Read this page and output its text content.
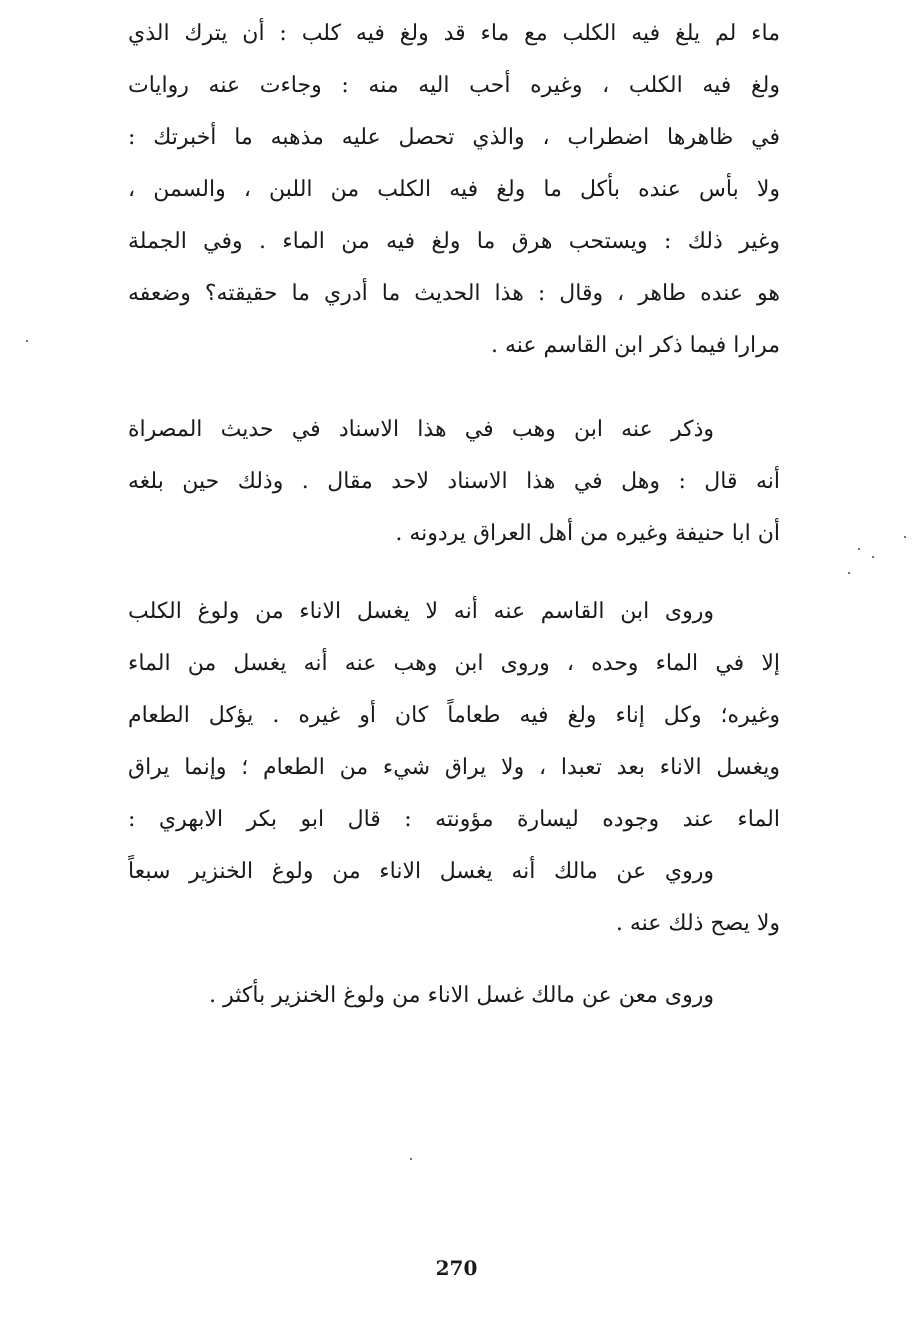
ماء لم يلغ فيه الكلب مع ماء قد ولغ فيه كلب : أن يترك الذي
ولغ فيه الكلب ، وغيره أحب اليه منه : وجاءت عنه روايات
في ظاهرها اضطراب ، والذي تحصل عليه مذهبه ما أخبرتك :
ولا بأس عنده بأكل ما ولغ فيه الكلب من اللبن ، والسمن ،
وغير ذلك : ويستحب هرق ما ولغ فيه من الماء . وفي الجملة
هو عنده طاهر ، وقال : هذا الحديث ما أدري ما حقيقته؟ وضعفه
مرارا فيما ذكر ابن القاسم عنه .
وذكر عنه ابن وهب في هذا الاسناد في حديث المصراة
أنه قال : وهل في هذا الاسناد لاحد مقال . وذلك حين بلغه
أن ابا حنيفة وغيره من أهل العراق يردونه .
وروى ابن القاسم عنه أنه لا يغسل الاناء من ولوغ الكلب
إلا في الماء وحده ، وروى ابن وهب عنه أنه يغسل من الماء
وغيره؛ وكل إناء ولغ فيه طعاماً كان أو غيره . يؤكل الطعام
ويغسل الاناء بعد تعبدا ، ولا يراق شيء من الطعام ؛ وإنما يراق
الماء عند وجوده ليسارة مؤونته : قال ابو بكر الابهري :
وروي عن مالك أنه يغسل الاناء من ولوغ الخنزير سبعاً
ولا يصح ذلك عنه .
وروى معن عن مالك غسل الاناء من ولوغ الخنزير بأكثر .
270
